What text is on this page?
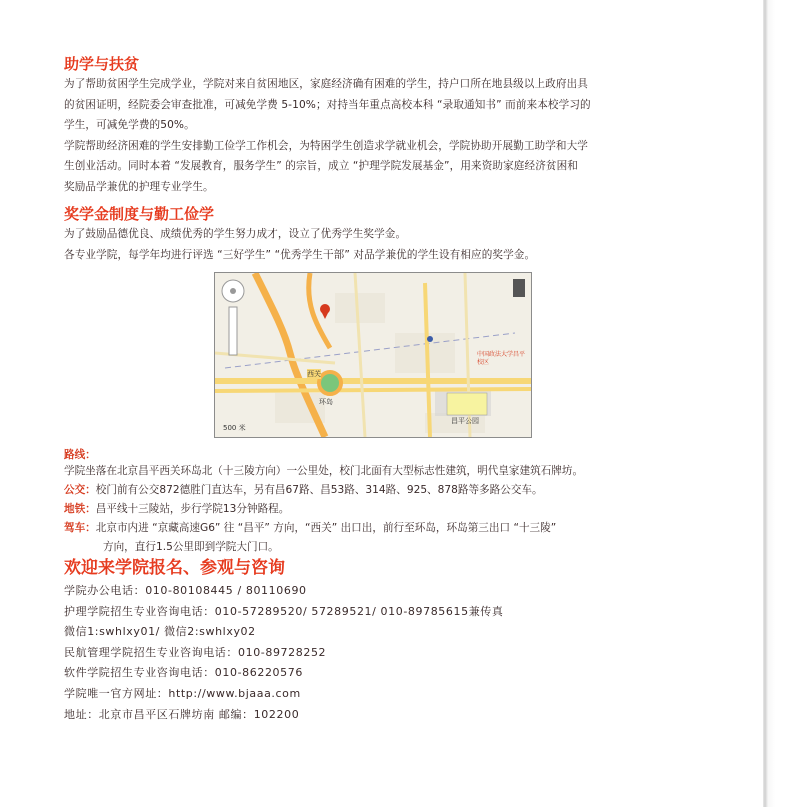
助学与扶贫

为了帮助贫困学生完成学业，学院对来自贫困地区，家庭经济确有困难的学生，持户口所在地县级以上政府出具

的贫困证明，经院委会审查批准，可减免学费 5-10%；对持当年重点高校本科 “录取通知书” 而前来本校学习的

学生，可减免学费的50%。

学院帮助经济困难的学生安排勤工俭学工作机会，为特困学生创造求学就业机会，学院协助开展勤工助学和大学

生创业活动。同时本着 “发展教育，服务学生” 的宗旨，成立 “护理学院发展基金”，用来资助家庭经济贫困和

奖励品学兼优的护理专业学生。

奖学金制度与勤工俭学

为了鼓励品德优良、成绩优秀的学生努力成才，设立了优秀学生奖学金。

各专业学院，每学年均进行评选 “三好学生” “优秀学生干部” 对品学兼优的学生设有相应的奖学金。

昌平公园
西关
环岛
中国政法大学昌平校区
500 米
路线：
学院坐落在北京昌平西关环岛北（十三陵方向）一公里处，校门北面有大型标志性建筑，明代皇家建筑石牌坊。
公交：校门前有公交872德胜门直达车，另有昌67路、昌53路、314路、925、878路等多路公交车。
地铁：昌平线十三陵站，步行学院13分钟路程。
驾车：北京市内进 “京藏高速G6” 往 “昌平” 方向，“西关” 出口出，前行至环岛，环岛第三出口 “十三陵”
方向，直行1.5公里即到学院大门口。
欢迎来学院报名、参观与咨询
学院办公电话：010-80108445 / 80110690
护理学院招生专业咨询电话：010-57289520/ 57289521/ 010-89785615兼传真
微信1:swhlxy01/ 微信2:swhlxy02
民航管理学院招生专业咨询电话：010-89728252
软件学院招生专业咨询电话：010-86220576
学院唯一官方网址：http://www.bjaaa.com
地址：北京市昌平区石牌坊南 邮编：102200
